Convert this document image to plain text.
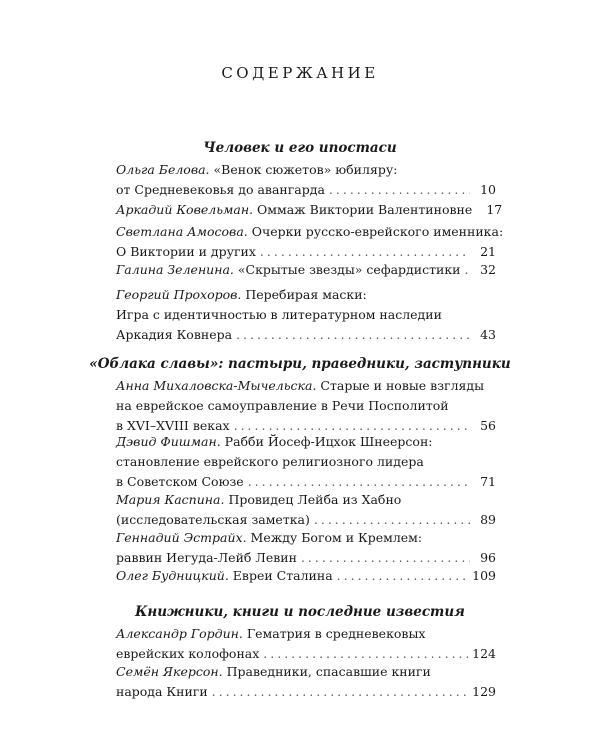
СОДЕРЖАНИЕ
Человек и его ипостаси
Ольга Белова.
«Венок сюжетов» юбиляру:
от Средневековья до авангарда .....	10
Аркадий Ковельман.
Оммаж Виктории Валентиновне	17
Светлана Амосова.
Очерки русско-еврейского именника:
О Виктории и других .....	21
Галина Зеленина.
«Скрытые звезды» сефардистики .....	32
Георгий Прохоров.
Перебирая маски:
Игра с идентичностью в литературном наследии
Аркадия Ковнера .....	43
«Облака славы»: пастыри, праведники, заступники
Анна Михаловска-Мычельска.
Старые и новые взгляды
на еврейское самоуправление в Речи Посполитой
в XVI–XVIII веках .....	56
Дэвид Фишман.
Рабби Йосеф-Ицхок Шнеерсон:
становление еврейского религиозного лидера
в Советском Союзе .....	71
Мария Каспина.
Провидец Лейба из Хабно
(исследовательская заметка) .....	89
Геннадий Эстрайх.
Между Богом и Кремлем:
раввин Иегуда-Лейб Левин .....	96
Олег Будницкий.
Евреи Сталина .....	109
Книжники, книги и последние известия
Александр Гордин.
Гематрия в средневековых
еврейских колофонах .....	124
Семён Якерсон.
Праведники, спасавшие книги
народа Книги .....	129
